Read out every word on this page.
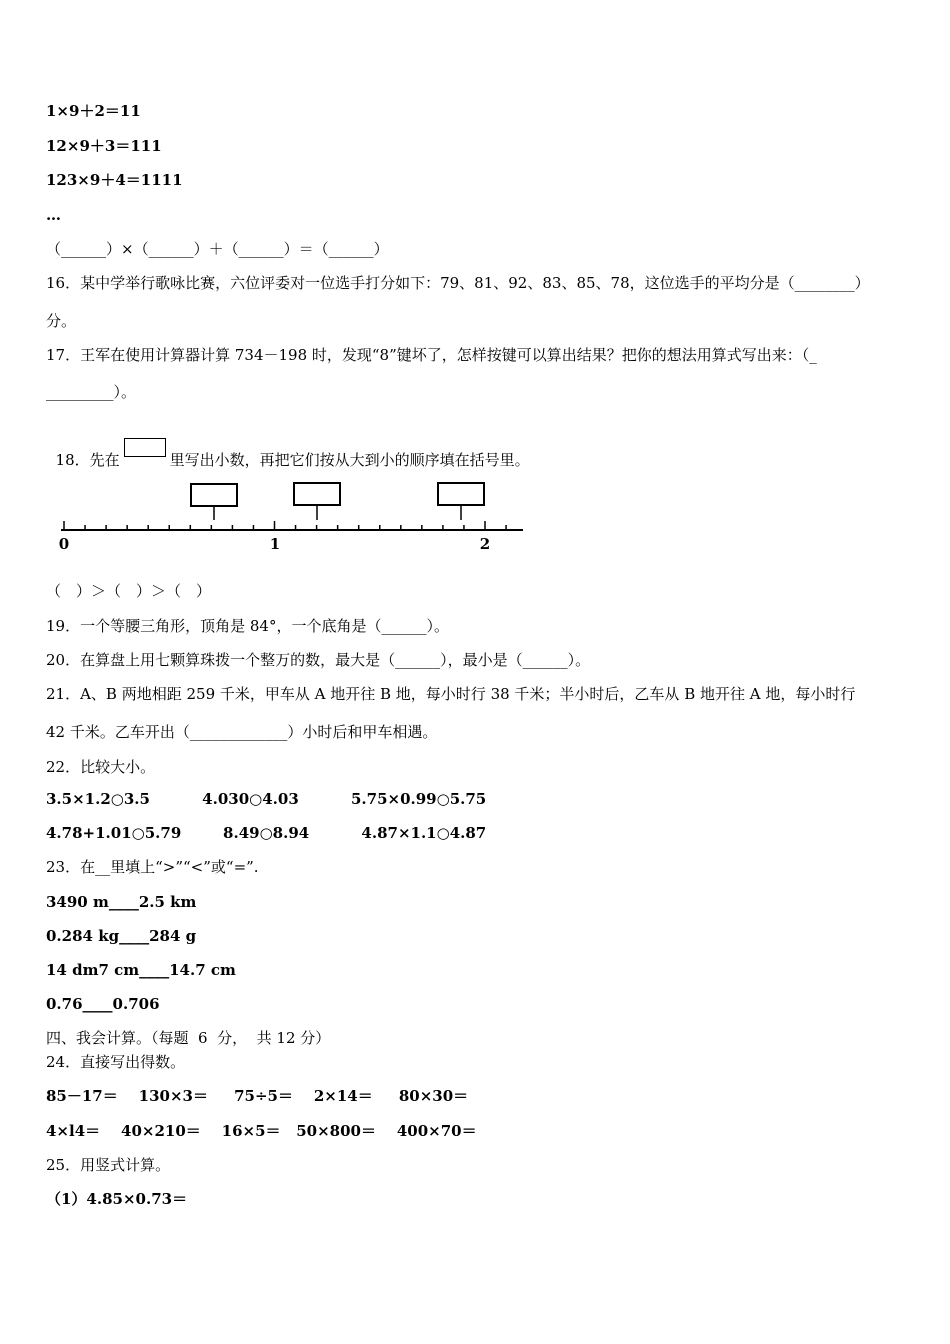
1×9＋2＝11
12×9＋3＝111
123×9＋4＝1111
…
（______）×（______）＋（______）＝（______）
16．某中学举行歌咏比赛，六位评委对一位选手打分如下：79、81、92、83、85、78，这位选手的平均分是（________）
分。
17．王军在使用计算器计算 734－198 时，发现“8”键坏了，怎样按键可以算出结果？把你的想法用算式写出来：（_
_________）。

18．先在	里写出小数，再把它们按从大到小的顺序填在括号里。

0	1	2
（　）＞（　）＞（　）
19．一个等腰三角形，顶角是 84°，一个底角是（______）。
20．在算盘上用七颗算珠拨一个整万的数，最大是（______），最小是（______）。
21．A、B 两地相距 259 千米，甲车从 A 地开往 B 地，每小时行 38 千米；半小时后，乙车从 B 地开往 A 地，每小时行
42 千米。乙车开出（_____________）小时后和甲车相遇。
22．比较大小。
3.5×1.2○3.5          4.030○4.03          5.75×0.99○5.75
4.78+1.01○5.79        8.49○8.94          4.87×1.1○4.87
23．在__里填上“>”“<”或“=”.
3490 m____2.5 km
0.284 kg____284 g
14 dm7 cm____14.7 cm
0.76____0.706
四、我会计算。（每题  6  分，  共 12 分）
24．直接写出得数。
85－17＝    130×3＝     75÷5＝    2×14＝     80×30＝
4×l4＝    40×210＝    16×5＝   50×800＝    400×70＝
25．用竖式计算。
（1）4.85×0.73＝
